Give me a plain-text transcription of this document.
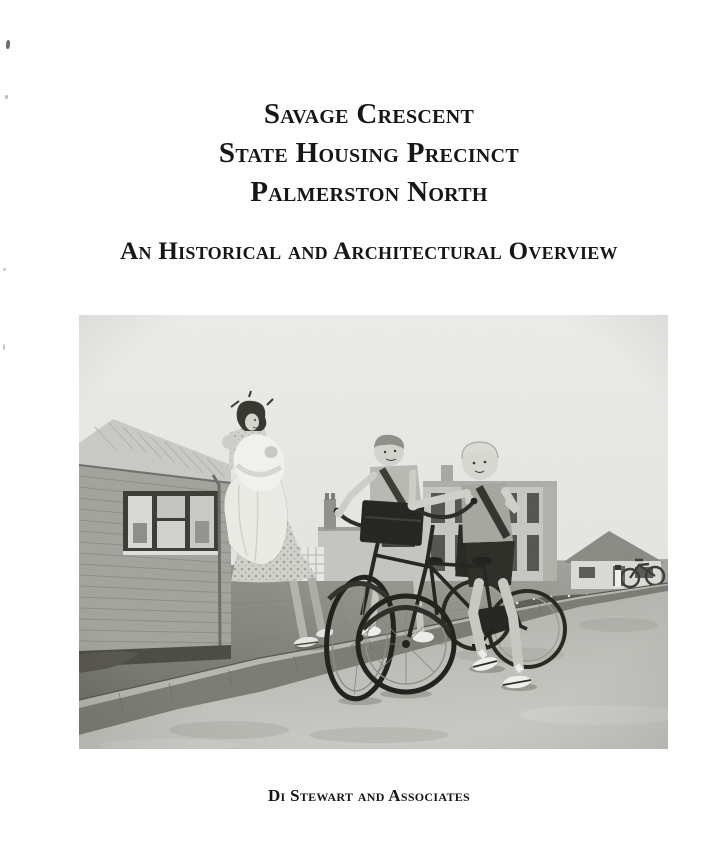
Savage Crescent
State Housing Precinct
Palmerston North
An Historical and Architectural Overview
Di Stewart and Associates
